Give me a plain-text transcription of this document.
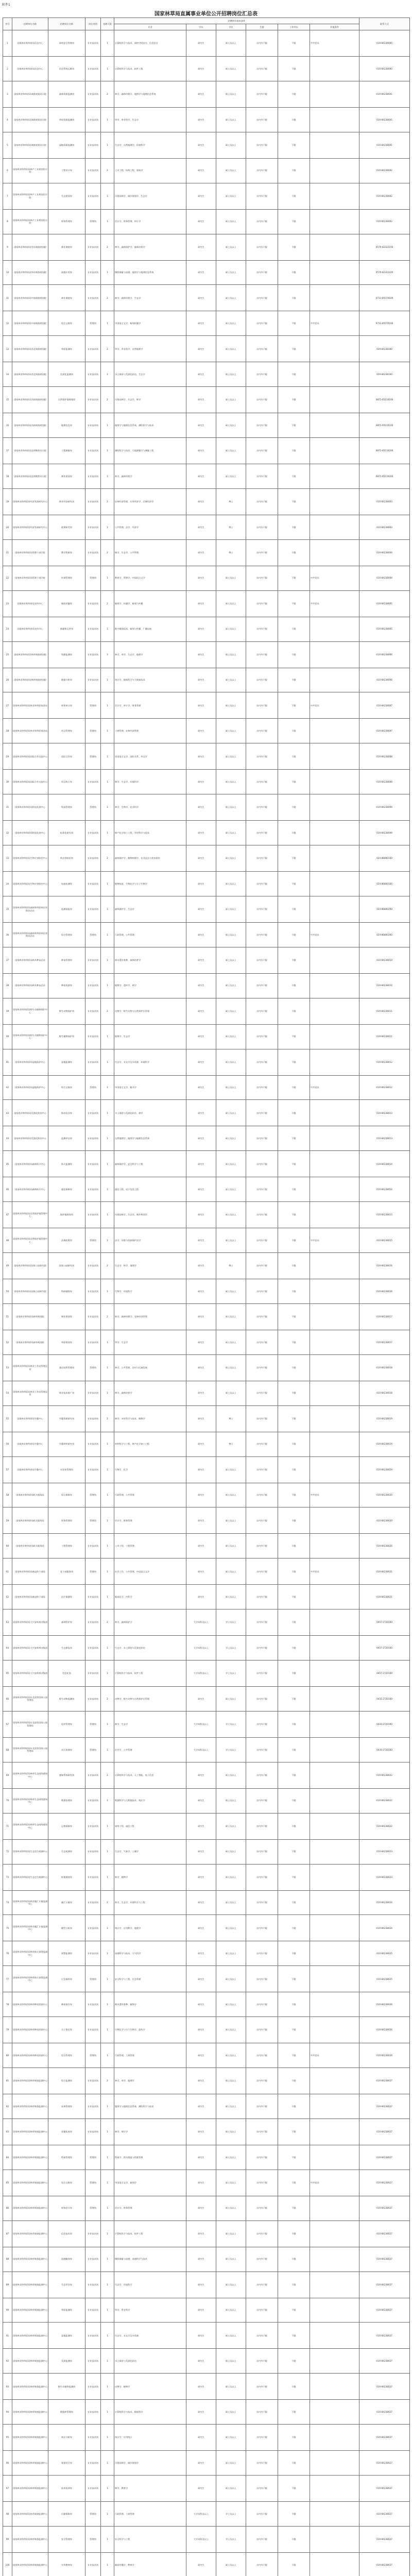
附件1
国家林草局直属事业单位公开招聘岗位汇总表
序号	招聘单位名称	招聘岗位名称	岗位类别	招聘人数	招聘岗位基本条件						联系方式
					专业	学历	学位	生源	工作经历	其他条件	
1	国家林业和草原局信息中心	网络安全管理岗	专业技术岗	1	计算机科学与技术、网络空间安全、信息安全	研究生	硕士及以上	京内外不限	不限	中共党员	010-84238000
2	国家林业和草原局信息中心	信息系统运维岗	专业技术岗	1	计算机科学与技术、软件工程	研究生	硕士及以上	京内外不限	不限		010-84238000
3	国家林业和草原局调查规划设计院	森林资源监测岗	专业技术岗	2	林学、森林经理学、地图学与地理信息系统	研究生	硕士及以上	京内外不限	不限		010-84238001
4	国家林业和草原局调查规划设计院	草原资源监测岗	专业技术岗	1	草学、草业科学、生态学	研究生	硕士及以上	京内外不限	不限		010-84238001
5	国家林业和草原局调查规划设计院	湿地资源监测岗	专业技术岗	1	生态学、自然地理学、环境科学	研究生	硕士及以上	京内外不限	不限		010-84238001
6	国家林业和草原局林产工业规划设计院	工程设计岗	专业技术岗	2	土木工程、结构工程、建筑学	研究生	硕士及以上	京内外不限	不限		010-84238002
7	国家林业和草原局林产工业规划设计院	生态规划岗	专业技术岗	1	风景园林学、城乡规划学、生态学	研究生	硕士及以上	京内外不限	不限		010-84238002
8	国家林业和草原局林产工业规划设计院	财务管理岗	管理岗	1	会计学、财务管理、审计学	研究生	硕士及以上	京内外不限	不限		010-84238002
9	国家林业和草原局华东调查规划院	林业调查岗	专业技术岗	2	林学、森林保护学、森林培育学	研究生	硕士及以上	京内外不限	不限		0579-82322100
10	国家林业和草原局华东调查规划院	遥感应用岗	专业技术岗	1	摄影测量与遥感、地图学与地理信息系统	研究生	硕士及以上	京内外不限	不限		0579-82322100
11	国家林业和草原局中南调查规划院	林业调查岗	专业技术岗	2	林学、森林经理学、生态学	研究生	硕士及以上	京内外不限	不限		0731-85570100
12	国家林业和草原局中南调查规划院	综合文秘岗	管理岗	1	中国语言文学、新闻传播学	研究生	硕士及以上	京内外不限	不限	中共党员	0731-85570100
13	国家林业和草原局西北调查规划院	草原监测岗	专业技术岗	2	草学、草业科学、自然地理学	研究生	硕士及以上	京内外不限	不限		029-84238100
14	国家林业和草原局西北调查规划院	荒漠化监测岗	专业技术岗	1	水土保持与荒漠化防治、生态学	研究生	硕士及以上	京内外不限	不限		029-84238100
15	国家林业和草原局西南调查规划院	自然保护地规划岗	专业技术岗	2	风景园林学、生态学、林学	研究生	硕士及以上	京内外不限	不限		0871-65110100
16	国家林业和草原局西南调查规划院	地理信息岗	专业技术岗	1	地图学与地理信息系统、测绘科学与技术	研究生	硕士及以上	京内外不限	不限		0871-65110100
17	国家林业和草原局昆明勘察设计院	工程测量岗	专业技术岗	1	测绘科学与技术、大地测量学与测量工程	研究生	硕士及以上	京内外不限	不限		0871-65110200
18	国家林业和草原局昆明勘察设计院	林业规划岗	专业技术岗	1	林学、森林经理学	研究生	硕士及以上	京内外不限	不限		0871-65110200
19	国家林业和草原局经济发展研究中心	林业经济研究岗	专业技术岗	2	农林经济管理、应用经济学、区域经济学	研究生	博士	京内外不限	不限		010-84238003
20	国家林业和草原局经济发展研究中心	政策研究岗	专业技术岗	1	公共管理、法学、经济学	研究生	博士	京内外不限	不限		010-84238003
21	国家林业和草原局管理干部学院	教学科研岗	专业技术岗	2	林学、生态学、公共管理	研究生	博士	京内外不限	不限		010-84238004
22	国家林业和草原局管理干部学院	培训管理岗	管理岗	1	教育学、管理学、中国语言文学	研究生	硕士及以上	京内外不限	不限	中共党员	010-84238004
23	国家林业和草原局宣传中心	新闻采编岗	专业技术岗	2	新闻学、传播学、新闻与传播	研究生	硕士及以上	京内外不限	不限	中共党员	010-84238005
24	国家林业和草原局宣传中心	新媒体运营岗	专业技术岗	1	数字媒体技术、新闻与传播、广播电视	研究生	硕士及以上	京内外不限	不限		010-84238005
25	国家林业和草原局林草调查规划院	资源监测岗	专业技术岗	3	林学、草学、生态学、地理学	研究生	硕士及以上	京内外不限	不限		010-84238006
26	国家林业和草原局林草调查规划院	数据分析岗	专业技术岗	1	统计学、数据科学与大数据技术	研究生	硕士及以上	京内外不限	不限		010-84238006
27	国家林业和草原局林业和草原基金站	财务审计岗	管理岗	1	会计学、审计学、财务管理	研究生	硕士及以上	京内外不限	不限	中共党员	010-84238007
28	国家林业和草原局林业和草原基金站	项目管理岗	管理岗	1	工商管理、农林经济管理	研究生	硕士及以上	京内外不限	不限		010-84238007
29	国家林业和草原局国际合作交流中心	国际合作岗	管理岗	1	英语语言文学、国际关系、外交学	研究生	硕士及以上	京内外不限	不限		010-84238008
30	国家林业和草原局国际合作交流中心	项目执行岗	专业技术岗	1	林学、生态学、环境科学	研究生	硕士及以上	京内外不限	不限		010-84238008
31	国家林业和草原局科技发展中心	科技管理岗	管理岗	1	林学、生物学、农业科学	研究生	硕士及以上	京内外不限	不限		010-84238009
32	国家林业和草原局科技发展中心	标准化研究岗	专业技术岗	1	林产化学加工工程、木材科学与技术	研究生	硕士及以上	京内外不限	不限		010-84238009
33	国家林业和草原局生物灾害防控中心	病虫害防治岗	专业技术岗	2	森林保护学、植物病理学、农业昆虫与害虫防治	研究生	硕士及以上	京内外不限	不限		024-86800100
34	国家林业和草原局生物灾害防控中心	检疫检测岗	专业技术岗	1	植物检疫、生物化学与分子生物学	研究生	硕士及以上	京内外不限	不限		024-86800100
35	国家林业和草原局森林和草原病虫害防治总站	监测预报岗	专业技术岗	1	森林保护学、生态学	研究生	硕士及以上	京内外不限	不限		024-86800200
36	国家林业和草原局森林和草原病虫害防治总站	综合管理岗	管理岗	1	行政管理、公共管理	研究生	硕士及以上	京内外不限	不限	中共党员	024-86800200
37	国家林业和草原局林木种苗总站	种苗管理岗	专业技术岗	1	林木遗传育种、森林培育学	研究生	硕士及以上	京内外不限	不限		010-84238010
38	国家林业和草原局林木种苗总站	种质资源岗	专业技术岗	1	植物学、遗传学、林学	研究生	硕士及以上	京内外不限	不限		010-84238010
39	国家林业和草原局野生动植物保护中心	野生动物保护岗	专业技术岗	2	动物学、野生动物与自然保护区管理	研究生	硕士及以上	京内外不限	不限		010-84238011
40	国家林业和草原局野生动植物保护中心	野生植物保护岗	专业技术岗	1	植物学、生态学	研究生	硕士及以上	京内外不限	不限		010-84238011
41	国家林业和草原局湿地保护中心	湿地监测岗	专业技术岗	1	生态学、水文学及水资源、环境科学	研究生	硕士及以上	京内外不限	不限		010-84238012
42	国家林业和草原局湿地保护中心	综合文秘岗	管理岗	1	中国语言文学、秘书学	研究生	硕士及以上	京内外不限	不限	中共党员	010-84238012
43	国家林业和草原局荒漠化防治中心	防沙治沙岗	专业技术岗	1	水土保持与荒漠化防治、林学	研究生	硕士及以上	京内外不限	不限		010-84238013
44	国家林业和草原局荒漠化防治中心	监测评估岗	专业技术岗	1	自然地理学、地图学与地理信息系统	研究生	硕士及以上	京内外不限	不限		010-84238013
45	国家林业和草原局森林防火中心	防火监测岗	专业技术岗	1	森林保护学、安全科学与工程	研究生	硕士及以上	京内外不限	不限		010-84238014
46	国家林业和草原局森林防火中心	通信保障岗	专业技术岗	1	通信工程、电子信息工程	研究生	硕士及以上	京内外不限	不限		010-84238014
47	国家林业和草原局自然保护地管理中心	保护地规划岗	专业技术岗	1	风景园林学、生态学、城乡规划学	研究生	硕士及以上	京内外不限	不限		010-84238015
48	国家林业和草原局自然保护地管理中心	法规政策岗	管理岗	1	法学、环境与资源保护法学	研究生	硕士及以上	京内外不限	不限	中共党员	010-84238015
49	国家林业和草原局国家公园研究院	国家公园研究岗	专业技术岗	2	生态学、林学、地理学	研究生	博士	京内外不限	不限		010-84238016
50	国家林业和草原局国家公园研究院	科研辅助岗	专业技术岗	1	生物学、环境科学	研究生	硕士及以上	京内外不限	不限		010-84238016
51	国家林业和草原局林草规划院	林业规划岗	专业技术岗	2	林学、森林经理学、农林经济管理	研究生	硕士及以上	京内外不限	不限		010-84238017
52	国家林业和草原局林草规划院	草原规划岗	专业技术岗	1	草学、生态学	研究生	硕士及以上	京内外不限	不限		010-84238017
53	国家林业和草原局林业工作站管理总站	基层站所管理岗	管理岗	1	林学、公共管理、农村与区域发展	研究生	硕士及以上	京内外不限	不限		010-84238018
54	国家林业和草原局林业工作站管理总站	林业技术推广岗	专业技术岗	1	林学、森林培育学	研究生	硕士及以上	京内外不限	不限		010-84238018
55	国家林业和草原局竹藤中心	竹藤资源研究岗	专业技术岗	2	林学、木材科学与技术、植物学	研究生	博士	京内外不限	不限		010-84238019
56	国家林业和草原局竹藤中心	竹藤材料研究岗	专业技术岗	1	材料科学与工程、林产化学加工工程	研究生	博士	京内外不限	不限		010-84238019
57	国家林业和草原局竹藤中心	实验室管理岗	专业技术岗	1	生物学、化学	研究生	硕士及以上	京内外不限	不限		010-84238019
58	国家林业和草原局机关服务局	综合保障岗	管理岗	1	行政管理、公共管理	研究生	硕士及以上	京内外不限	不限	中共党员	010-84238020
59	国家林业和草原局机关服务局	财务管理岗	管理岗	1	会计学、财务管理	研究生	硕士及以上	京内外不限	不限		010-84238020
60	国家林业和草原局机关服务局	工程管理岗	专业技术岗	1	土木工程、工程管理	研究生	硕士及以上	京内外不限	不限		010-84238020
61	国家林业和草原局离退休干部局	老干部服务岗	管理岗	1	社会工作、公共管理、中国语言文学	研究生	硕士及以上	京内外不限	不限	中共党员	010-84238021
62	国家林业和草原局离退休干部局	医疗保健岗	专业技术岗	1	临床医学、内科学	研究生	硕士及以上	京内外不限	不限		010-84238021
63	国家林业和草原局大兴安岭林业集团	森林管护岗	专业技术岗	2	林学、森林保护学	大学本科及以上	学士及以上	京内外不限	不限		0457-2720100
64	国家林业和草原局大兴安岭林业集团	生态修复岗	专业技术岗	1	生态学、水土保持与荒漠化防治	大学本科及以上	学士及以上	京内外不限	不限		0457-2720100
65	国家林业和草原局大兴安岭林业集团	信息化岗	专业技术岗	1	计算机科学与技术、软件工程	大学本科及以上	学士及以上	京内外不限	不限		0457-2720100
66	国家林业和草原局东北虎豹国家公园管理局	野生动物监测岗	专业技术岗	2	动物学、野生动物与自然保护区管理	研究生	硕士及以上	京内外不限	不限		0433-2720100
67	国家林业和草原局东北虎豹国家公园管理局	巡护管理岗	管理岗	1	林学、生态学	大学本科及以上	学士及以上	京内外不限	不限		0433-2720100
68	国家林业和草原局东北虎豹国家公园管理局	社区协调岗	管理岗	1	社会学、公共管理	大学本科及以上	学士及以上	京内外不限	不限		0433-2720100
69	国家林业和草原局林草生态网络感知中心	感知系统研发岗	专业技术岗	2	计算机科学与技术、人工智能、电子信息	研究生	硕士及以上	京内外不限	不限		010-84238022
70	国家林业和草原局林草生态网络感知中心	数据治理岗	专业技术岗	1	数据科学与大数据技术、统计学	研究生	硕士及以上	京内外不限	不限		010-84238022
71	国家林业和草原局林草生态网络感知中心	运维保障岗	专业技术岗	1	网络工程、通信工程	研究生	硕士及以上	京内外不限	不限		010-84238022
72	国家林业和草原局生态定位观测中心	生态观测岗	专业技术岗	1	生态学、气象学、土壤学	研究生	硕士及以上	京内外不限	不限		010-84238023
73	国家林业和草原局生态定位观测中心	样地调查岗	专业技术岗	1	林学、植物学	研究生	硕士及以上	京内外不限	不限		010-84238023
74	国家林业和草原局林业碳汇计量监测中心	碳汇计量岗	专业技术岗	2	林学、生态学、环境科学与工程	研究生	硕士及以上	京内外不限	不限		010-84238024
75	国家林业和草原局林业碳汇计量监测中心	模型分析岗	专业技术岗	1	统计学、应用数学、地理学	研究生	硕士及以上	京内外不限	不限		010-84238024
76	国家林业和草原局林草防火预警监测中心	预警监测岗	专业技术岗	1	遥感科学与技术、大气科学	研究生	硕士及以上	京内外不限	不限		010-84238025
77	国家林业和草原局林草防火预警监测中心	应急指挥岗	管理岗	1	安全科学与工程、应急管理	研究生	硕士及以上	京内外不限	不限		010-84238025
78	国家林业和草原局林草种质资源中心	种质保存岗	专业技术岗	1	林木遗传育种、植物学	研究生	硕士及以上	京内外不限	不限		010-84238026
79	国家林业和草原局林草种质资源中心	分子鉴定岗	专业技术岗	1	生物化学与分子生物学、遗传学	研究生	硕士及以上	京内外不限	不限		010-84238026
80	国家林业和草原局林草种质资源中心	综合管理岗	管理岗	1	行政管理、工商管理	研究生	硕士及以上	京内外不限	不限	中共党员	010-84238026
81	国家林业和草原局林草调查监测中心	综合监测岗	专业技术岗	2	林学、草学、地理学	研究生	硕士及以上	京内外不限	不限		010-84238027
82	国家林业和草原局林草调查监测中心	成果管理岗	专业技术岗	1	地图学与地理信息系统、测绘科学与技术	研究生	硕士及以上	京内外不限	不限		010-84238027
83	国家林业和草原局林草调查监测中心	质量检查岗	专业技术岗	1	林学、统计学	研究生	硕士及以上	京内外不限	不限		010-84238027
84	国家林业和草原局林草调查监测中心	档案管理岗	管理岗	1	档案学、图书情报与档案管理	研究生	硕士及以上	京内外不限	不限		010-84238027
85	国家林业和草原局林草调查监测中心	综合文秘岗	管理岗	1	中国语言文学、新闻学	研究生	硕士及以上	京内外不限	不限	中共党员	010-84238027
86	国家林业和草原局林草调查监测中心	财务会计岗	管理岗	1	会计学、财务管理	研究生	硕士及以上	京内外不限	不限		010-84238027
87	国家林业和草原局林草调查监测中心	信息技术岗	专业技术岗	1	计算机科学与技术、软件工程	研究生	硕士及以上	京内外不限	不限		010-84238027
88	国家林业和草原局林草调查监测中心	遥感解译岗	专业技术岗	1	摄影测量与遥感、遥感科学与技术	研究生	硕士及以上	京内外不限	不限		010-84238027
89	国家林业和草原局林草调查监测中心	生态评估岗	专业技术岗	1	生态学、环境科学	研究生	硕士及以上	京内外不限	不限		010-84238027
90	国家林业和草原局林草调查监测中心	草原监测岗	专业技术岗	1	草学、草业科学	研究生	硕士及以上	京内外不限	不限		010-84238027
91	国家林业和草原局林草调查监测中心	湿地监测岗	专业技术岗	1	生态学、水文学及水资源	研究生	硕士及以上	京内外不限	不限		010-84238027
92	国家林业和草原局林草调查监测中心	荒漠监测岗	专业技术岗	1	水土保持与荒漠化防治	研究生	硕士及以上	京内外不限	不限		010-84238027
93	国家林业和草原局林草调查监测中心	野生动植物监测岗	专业技术岗	1	动物学、植物学	研究生	硕士及以上	京内外不限	不限		010-84238027
94	国家林业和草原局林草调查监测中心	数据库管理岗	专业技术岗	1	计算机科学与技术、数据科学	研究生	硕士及以上	京内外不限	不限		010-84238027
95	国家林业和草原局林草调查监测中心	统计分析岗	专业技术岗	1	统计学、应用统计	研究生	硕士及以上	京内外不限	不限		010-84238027
96	国家林业和草原局林草调查监测中心	规划设计岗	专业技术岗	1	风景园林学、城乡规划学	研究生	硕士及以上	京内外不限	不限		010-84238027
97	国家林业和草原局林草调查监测中心	技术培训岗	专业技术岗	1	林学、教育学	研究生	硕士及以上	京内外不限	不限		010-84238027
98	国家林业和草原局林草调查监测中心	后勤保障岗	管理岗	1	行政管理、工商管理	大学本科及以上	学士及以上	京内外不限	不限		010-84238027
99	国家林业和草原局林草调查监测中心	安全管理岗	管理岗	1	安全科学与工程	大学本科及以上	学士及以上	京内外不限	不限		010-84238027
100	国家林业和草原局林草调查监测中心	宣传教育岗	专业技术岗	1	新闻传播学、教育学	研究生	硕士及以上	京内外不限	不限		010-84238027
